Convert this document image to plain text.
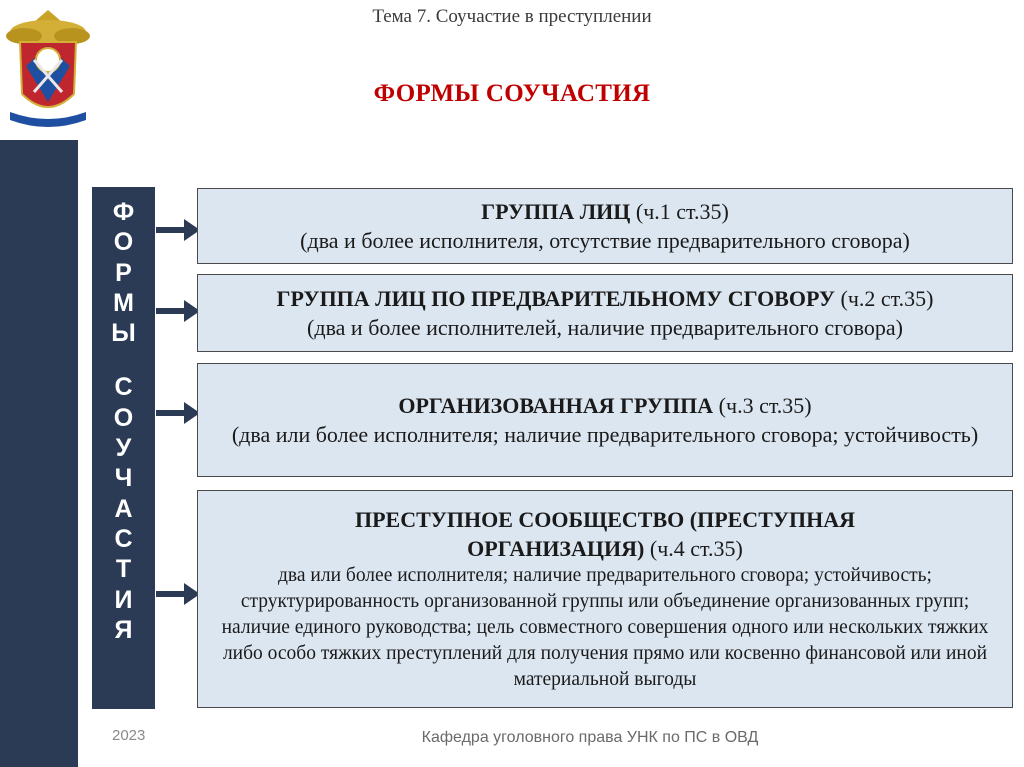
Тема 7. Соучастие в преступлении
ФОРМЫ СОУЧАСТИЯ
Ф
О
Р
М
Ы
С
О
У
Ч
А
С
Т
И
Я
ГРУППА ЛИЦ (ч.1 ст.35)
(два и более исполнителя, отсутствие предварительного сговора)
ГРУППА ЛИЦ ПО ПРЕДВАРИТЕЛЬНОМУ СГОВОРУ (ч.2 ст.35)
(два и более исполнителей, наличие предварительного сговора)
ОРГАНИЗОВАННАЯ ГРУППА (ч.3 ст.35)
(два или более исполнителя; наличие предварительного сговора; устойчивость)
ПРЕСТУПНОЕ СООБЩЕСТВО (ПРЕСТУПНАЯ ОРГАНИЗАЦИЯ) (ч.4 ст.35)
два или более исполнителя; наличие предварительного сговора; устойчивость; структурированность организованной группы или объединение организованных групп; наличие единого руководства; цель совместного совершения одного или нескольких тяжких либо особо тяжких преступлений для получения прямо или косвенно финансовой или иной материальной выгоды
2023	Кафедра уголовного права УНК по ПС в ОВД
